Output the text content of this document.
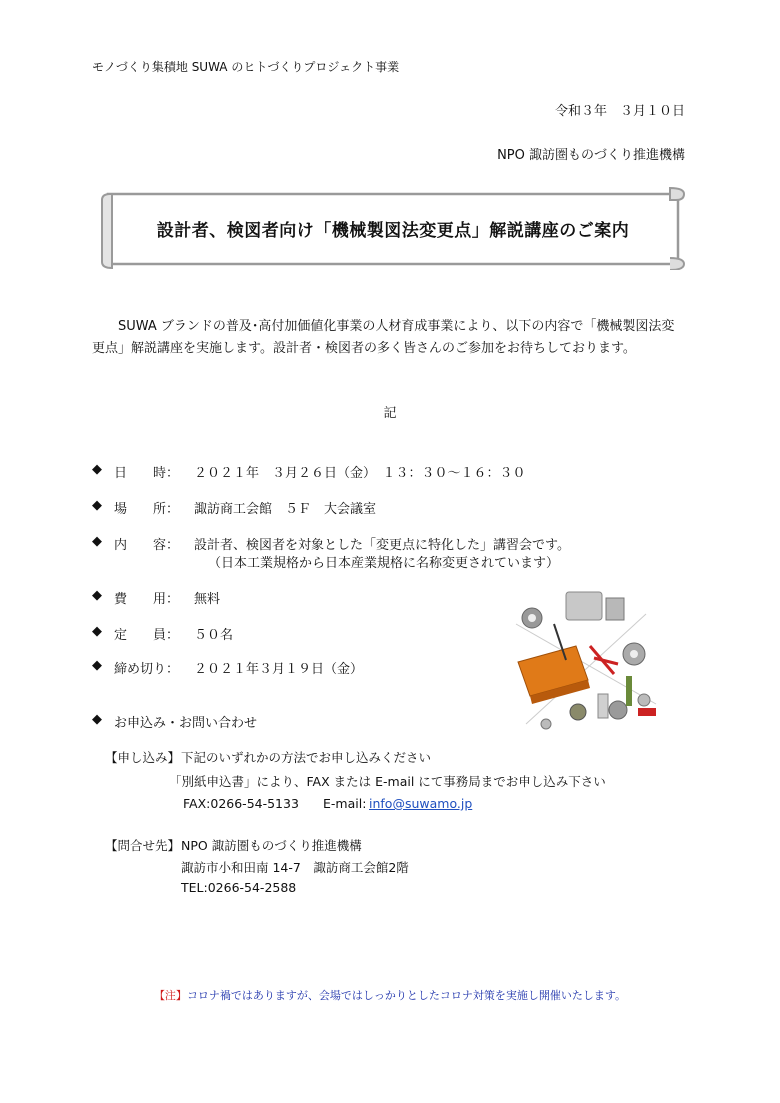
モノづくり集積地 SUWA のヒトづくりプロジェクト事業
令和３年　３月１０日
NPO 諏訪圏ものづくり推進機構
設計者、検図者向け「機械製図法変更点」解説講座のご案内
SUWA ブランドの普及･高付加価値化事業の人材育成事業により、以下の内容で「機械製図法変
更点」解説講座を実施します。設計者・検図者の多く皆さんのご参加をお待ちしております。
記
◆ 日　　時： ２０２１年　３月２６日（金）　１３：３０～１６：３０
◆ 場　　所： 諏訪商工会館　５Ｆ　大会議室
◆ 内　　容： 設計者、検図者を対象とした「変更点に特化した」講習会です。
（日本工業規格から日本産業規格に名称変更されています）
◆ 費　　用： 無料
◆ 定　　員： ５０名
◆ 締め切り： ２０２１年３月１９日（金）
◆ お申込み・お問い合わせ
【申し込み】 下記のいずれかの方法でお申し込みください
「別紙申込書」により、FAX または E-mail にて事務局までお申し込み下さい
FAX:0266-54-5133 E-mail: info@suwamo.jp
【問合せ先】 NPO 諏訪圏ものづくり推進機構
諏訪市小和田南 14-7　諏訪商工会館2階
TEL:0266-54-2588
【注】コロナ禍ではありますが、会場ではしっかりとしたコロナ対策を実施し開催いたします。
